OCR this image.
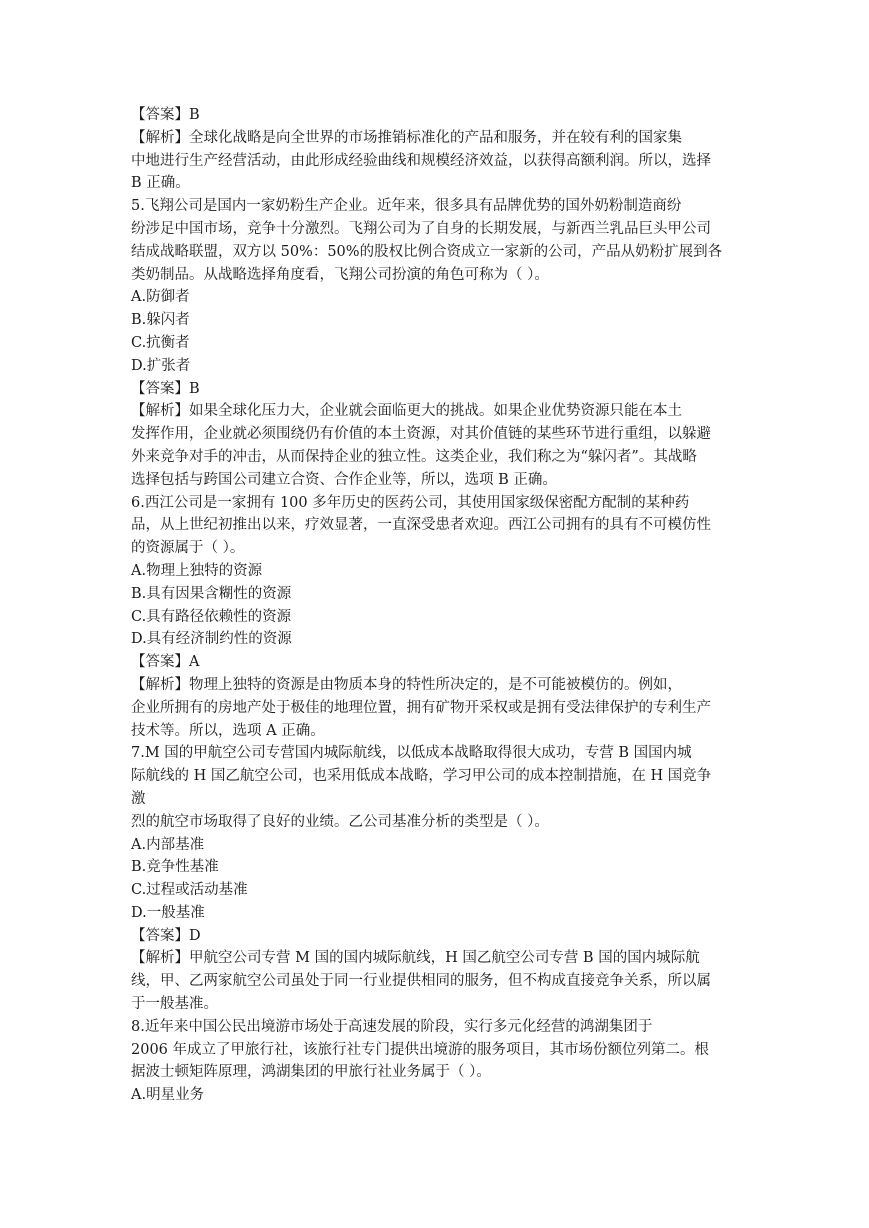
【答案】B
【解析】全球化战略是向全世界的市场推销标准化的产品和服务，并在较有利的国家集
中地进行生产经营活动，由此形成经验曲线和规模经济效益，以获得高额利润。所以，选择
B 正确。
5.飞翔公司是国内一家奶粉生产企业。近年来，很多具有品牌优势的国外奶粉制造商纷
纷涉足中国市场，竞争十分激烈。飞翔公司为了自身的长期发展，与新西兰乳品巨头甲公司
结成战略联盟，双方以 50%：50%的股权比例合资成立一家新的公司，产品从奶粉扩展到各
类奶制品。从战略选择角度看，飞翔公司扮演的角色可称为（ ）。
A.防御者
B.躲闪者
C.抗衡者
D.扩张者
【答案】B
【解析】如果全球化压力大，企业就会面临更大的挑战。如果企业优势资源只能在本土
发挥作用，企业就必须围绕仍有价值的本土资源，对其价值链的某些环节进行重组，以躲避
外来竞争对手的冲击，从而保持企业的独立性。这类企业，我们称之为“躲闪者”。其战略
选择包括与跨国公司建立合资、合作企业等，所以，选项 B 正确。
6.西江公司是一家拥有 100 多年历史的医药公司，其使用国家级保密配方配制的某种药
品，从上世纪初推出以来，疗效显著，一直深受患者欢迎。西江公司拥有的具有不可模仿性
的资源属于（ ）。
A.物理上独特的资源
B.具有因果含糊性的资源
C.具有路径依赖性的资源
D.具有经济制约性的资源
【答案】A
【解析】物理上独特的资源是由物质本身的特性所决定的，是不可能被模仿的。例如，
企业所拥有的房地产处于极佳的地理位置，拥有矿物开采权或是拥有受法律保护的专利生产
技术等。所以，选项 A 正确。
7.M 国的甲航空公司专营国内城际航线，以低成本战略取得很大成功，专营 B 国国内城
际航线的 H 国乙航空公司，也采用低成本战略，学习甲公司的成本控制措施，在 H 国竞争
激
烈的航空市场取得了良好的业绩。乙公司基准分析的类型是（ ）。
A.内部基准
B.竞争性基准
C.过程或活动基准
D.一般基准
【答案】D
【解析】甲航空公司专营 M 国的国内城际航线，H 国乙航空公司专营 B 国的国内城际航
线，甲、乙两家航空公司虽处于同一行业提供相同的服务，但不构成直接竞争关系，所以属
于一般基准。
8.近年来中国公民出境游市场处于高速发展的阶段，实行多元化经营的鸿湖集团于
2006 年成立了甲旅行社，该旅行社专门提供出境游的服务项目，其市场份额位列第二。根
据波士顿矩阵原理，鸿湖集团的甲旅行社业务属于（ ）。
A.明星业务
